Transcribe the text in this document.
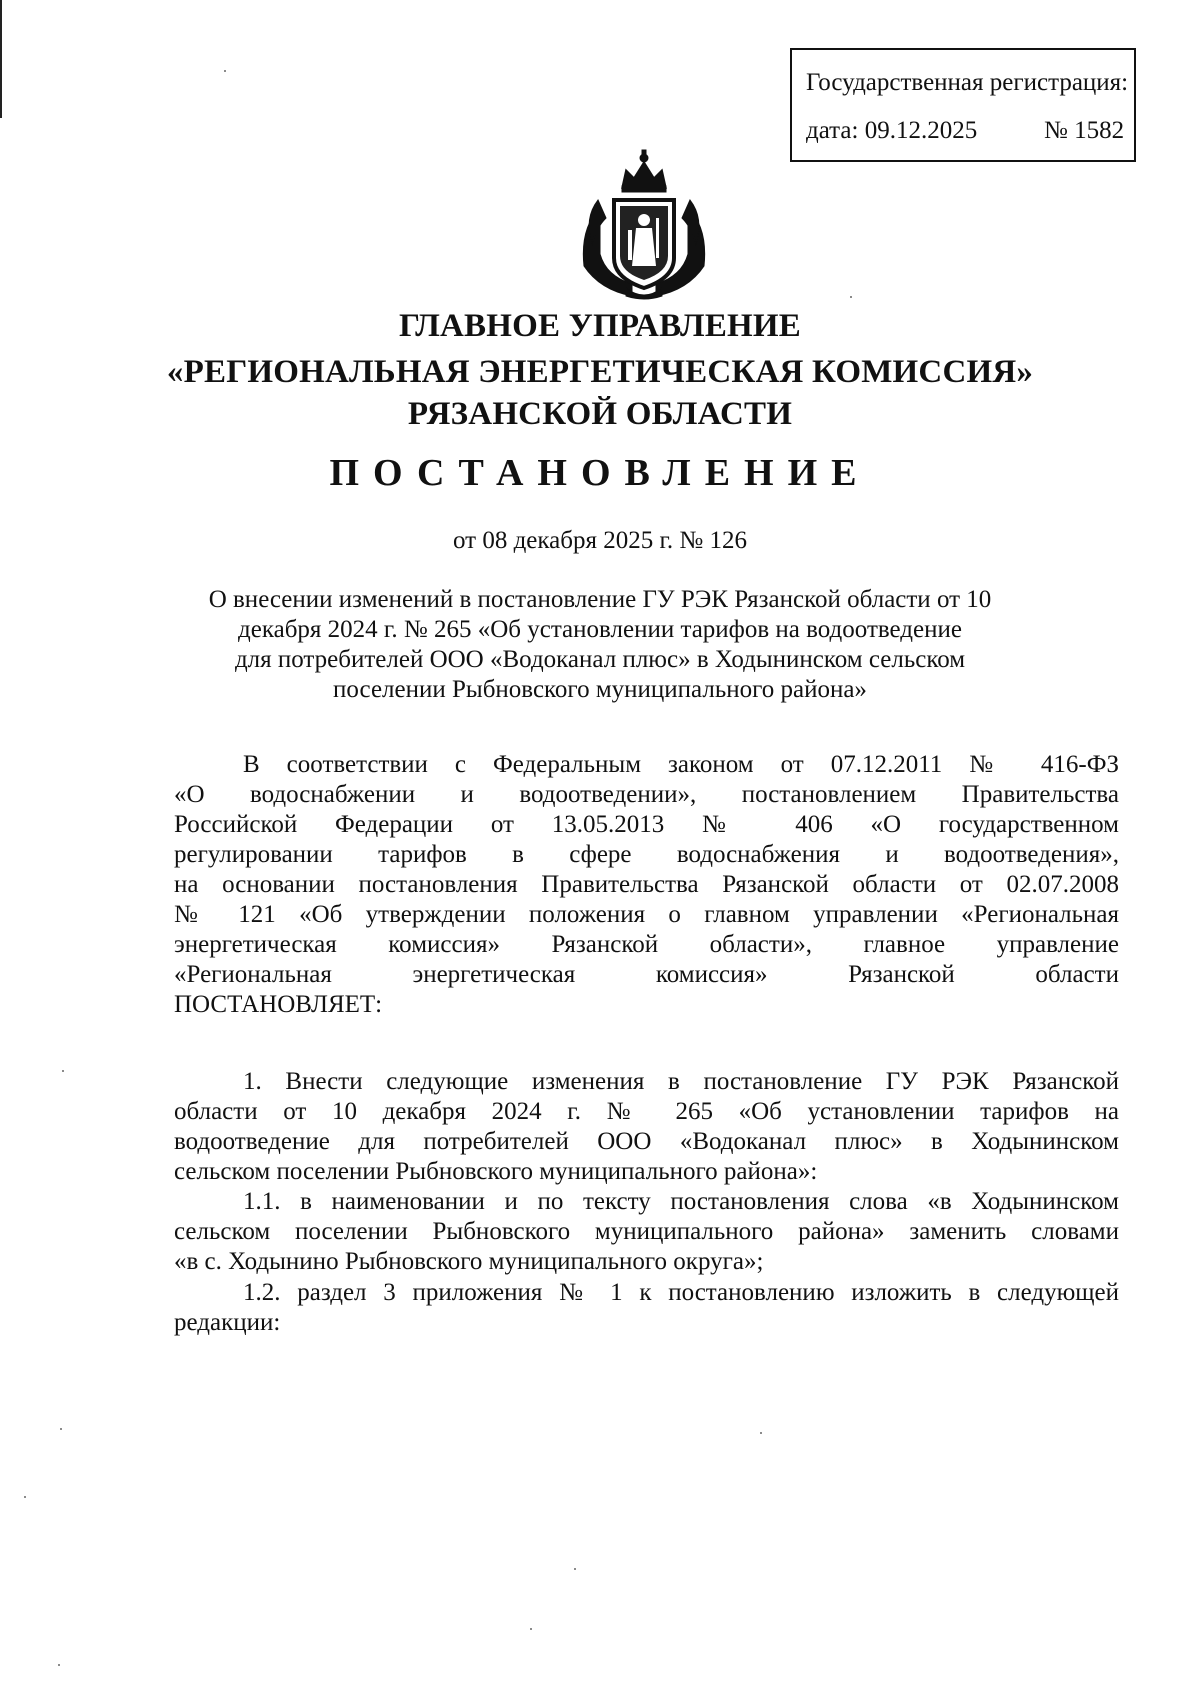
Государственная регистрация:
дата: 09.12.2025	№ 1582
ГЛАВНОЕ УПРАВЛЕНИЕ
«РЕГИОНАЛЬНАЯ ЭНЕРГЕТИЧЕСКАЯ КОМИССИЯ»
РЯЗАНСКОЙ ОБЛАСТИ
ПОСТАНОВЛЕНИЕ
от 08 декабря 2025 г. № 126
О внесении изменений в постановление ГУ РЭК Рязанской области от 10
декабря 2024 г. № 265 «Об установлении тарифов на водоотведение
для потребителей ООО «Водоканал плюс» в Ходынинском сельском
поселении Рыбновского муниципального района»
В соответствии с Федеральным законом от 07.12.2011 № 416-ФЗ
«О водоснабжении и водоотведении», постановлением Правительства
Российской Федерации от 13.05.2013 № 406 «О государственном
регулировании тарифов в сфере водоснабжения и водоотведения»,
на основании постановления Правительства Рязанской области от 02.07.2008
№ 121 «Об утверждении положения о главном управлении «Региональная
энергетическая комиссия» Рязанской области», главное управление
«Региональная энергетическая комиссия» Рязанской области
ПОСТАНОВЛЯЕТ:
1. Внести следующие изменения в постановление ГУ РЭК Рязанской
области от 10 декабря 2024 г. № 265 «Об установлении тарифов на
водоотведение для потребителей ООО «Водоканал плюс» в Ходынинском
сельском поселении Рыбновского муниципального района»:
1.1. в наименовании и по тексту постановления слова «в Ходынинском
сельском поселении Рыбновского муниципального района» заменить словами
«в с. Ходынино Рыбновского муниципального округа»;
1.2. раздел 3 приложения № 1 к постановлению изложить в следующей
редакции:
